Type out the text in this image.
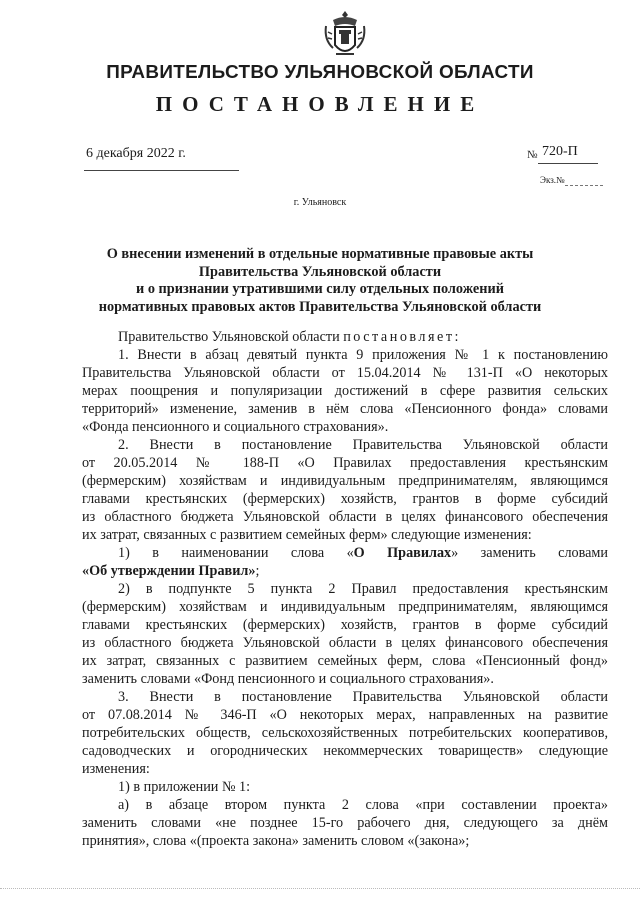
ПРАВИТЕЛЬСТВО УЛЬЯНОВСКОЙ ОБЛАСТИ
ПОСТАНОВЛЕНИЕ
6 декабря 2022 г.	№ 720-П
Экз.№
г. Ульяновск
О внесении изменений в отдельные нормативные правовые акты
Правительства Ульяновской области
и о признании утратившими силу отдельных положений
нормативных правовых актов Правительства Ульяновской области
Правительство Ульяновской области постановляет:
1. Внести в абзац девятый пункта 9 приложения № 1 к постановлению
Правительства Ульяновской области от 15.04.2014 № 131-П «О некоторых
мерах поощрения и популяризации достижений в сфере развития сельских
территорий» изменение, заменив в нём слова «Пенсионного фонда» словами
«Фонда пенсионного и социального страхования».
2. Внести в постановление Правительства Ульяновской области
от 20.05.2014 № 188-П «О Правилах предоставления крестьянским
(фермерским) хозяйствам и индивидуальным предпринимателям, являющимся
главами крестьянских (фермерских) хозяйств, грантов в форме субсидий
из областного бюджета Ульяновской области в целях финансового обеспечения
их затрат, связанных с развитием семейных ферм» следующие изменения:
1) в наименовании слова «О Правилах» заменить словами
«Об утверждении Правил»;
2) в подпункте 5 пункта 2 Правил предоставления крестьянским
(фермерским) хозяйствам и индивидуальным предпринимателям, являющимся
главами крестьянских (фермерских) хозяйств, грантов в форме субсидий
из областного бюджета Ульяновской области в целях финансового обеспечения
их затрат, связанных с развитием семейных ферм, слова «Пенсионный фонд»
заменить словами «Фонд пенсионного и социального страхования».
3. Внести в постановление Правительства Ульяновской области
от 07.08.2014 № 346-П «О некоторых мерах, направленных на развитие
потребительских обществ, сельскохозяйственных потребительских кооперативов,
садоводческих и огороднических некоммерческих товариществ» следующие
изменения:
1) в приложении № 1:
а) в абзаце втором пункта 2 слова «при составлении проекта»
заменить словами «не позднее 15-го рабочего дня, следующего за днём
принятия», слова «(проекта закона» заменить словом «(закона»;
